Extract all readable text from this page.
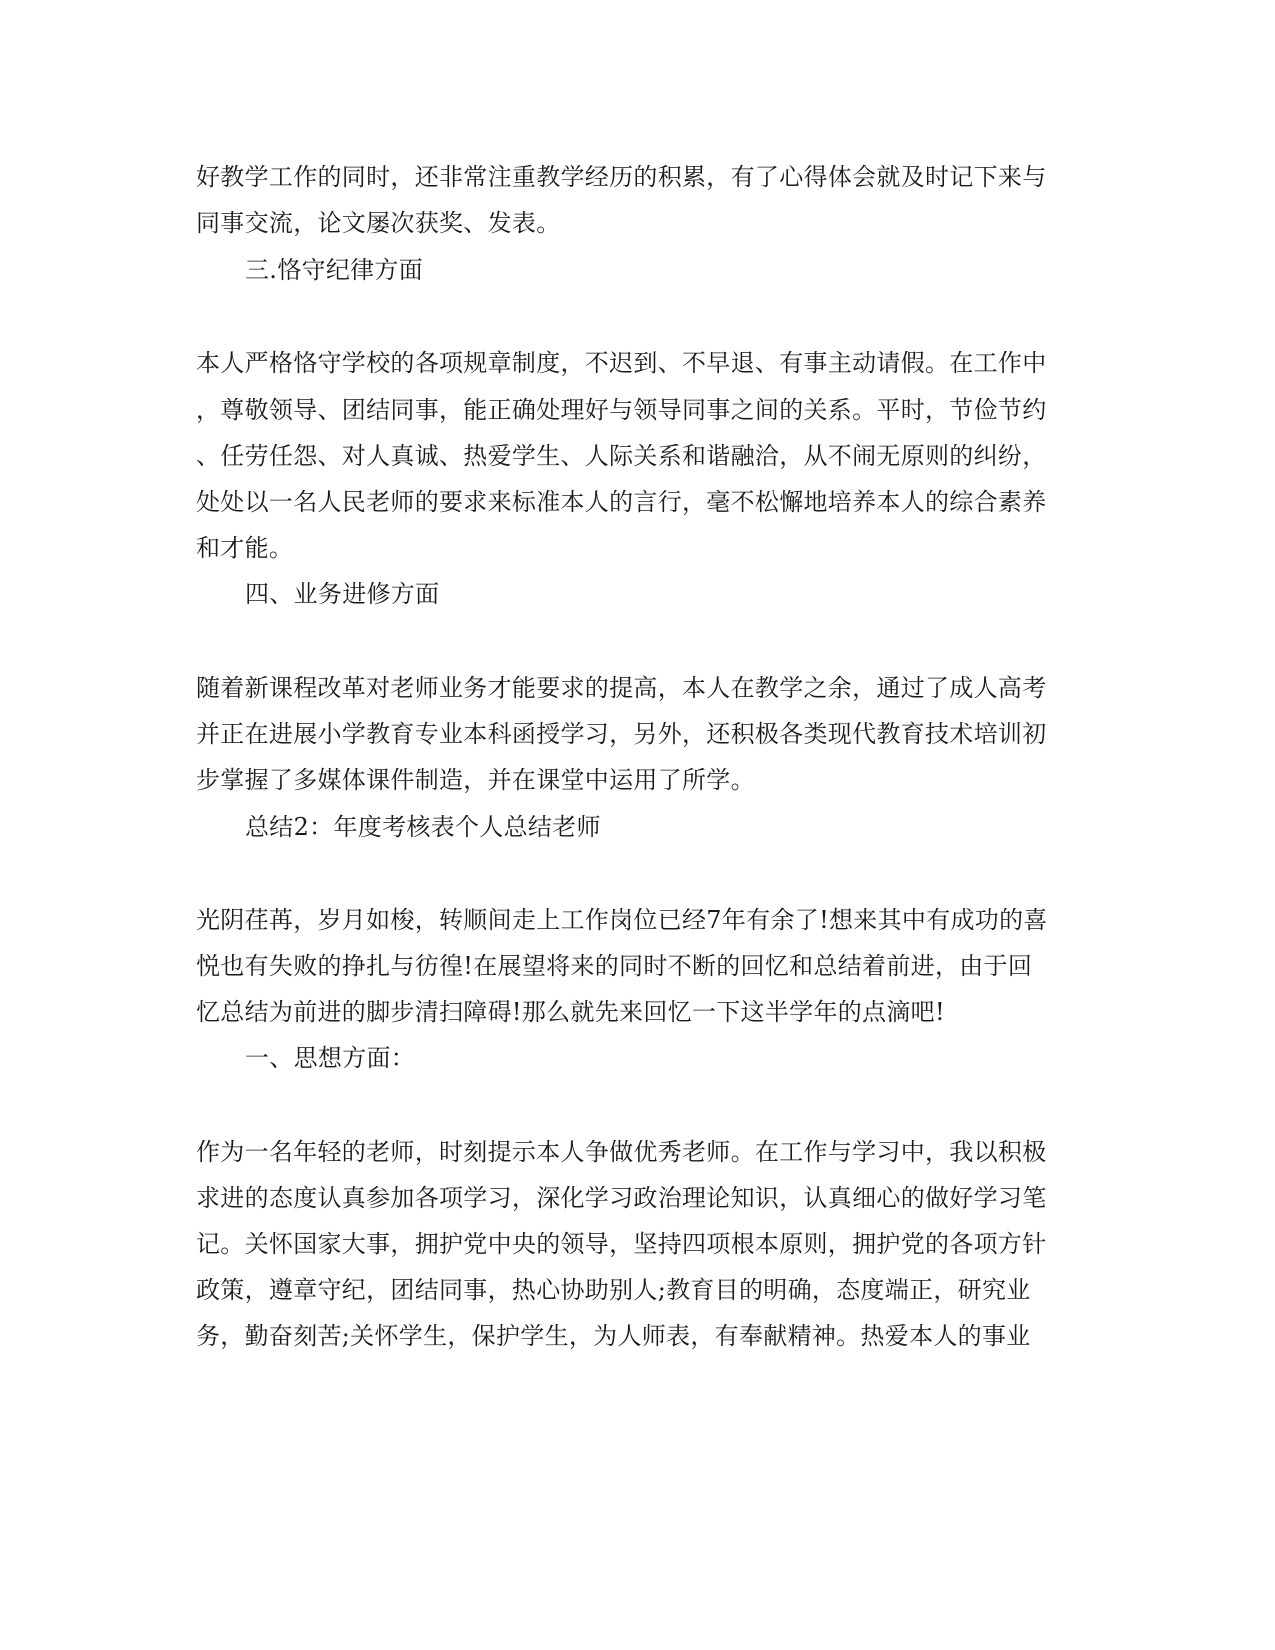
好教学工作的同时，还非常注重教学经历的积累，有了心得体会就及时记下来与
同事交流，论文屡次获奖、发表。
三.恪守纪律方面
本人严格恪守学校的各项规章制度，不迟到、不早退、有事主动请假。在工作中
，尊敬领导、团结同事，能正确处理好与领导同事之间的关系。平时，节俭节约
、任劳任怨、对人真诚、热爱学生、人际关系和谐融洽，从不闹无原则的纠纷，
处处以一名人民老师的要求来标准本人的言行，毫不松懈地培养本人的综合素养
和才能。
四、业务进修方面
随着新课程改革对老师业务才能要求的提高，本人在教学之余，通过了成人高考
并正在进展小学教育专业本科函授学习，另外，还积极各类现代教育技术培训初
步掌握了多媒体课件制造，并在课堂中运用了所学。
总结2：年度考核表个人总结老师
光阴荏苒，岁月如梭，转顺间走上工作岗位已经7年有余了!想来其中有成功的喜
悦也有失败的挣扎与彷徨!在展望将来的同时不断的回忆和总结着前进，由于回
忆总结为前进的脚步清扫障碍!那么就先来回忆一下这半学年的点滴吧!
一、思想方面：
作为一名年轻的老师，时刻提示本人争做优秀老师。在工作与学习中，我以积极
求进的态度认真参加各项学习，深化学习政治理论知识，认真细心的做好学习笔
记。关怀国家大事，拥护党中央的领导，坚持四项根本原则，拥护党的各项方针
政策，遵章守纪，团结同事，热心协助别人;教育目的明确，态度端正，研究业
务，勤奋刻苦;关怀学生，保护学生，为人师表，有奉献精神。热爱本人的事业
